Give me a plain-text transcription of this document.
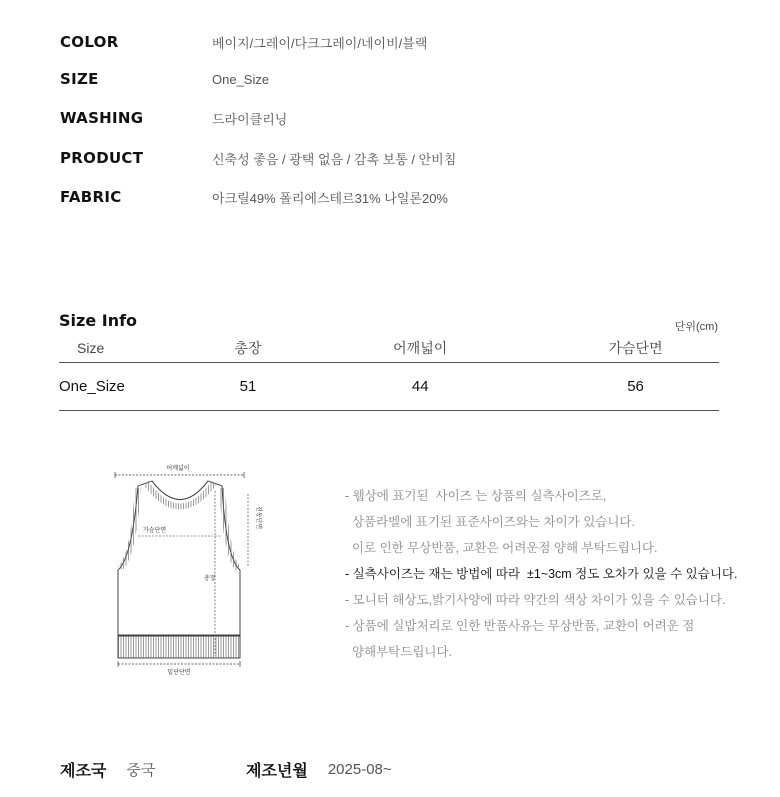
COLOR	베이지/그레이/다크그레이/네이비/블랙
SIZE	One_Size
WASHING	드라이클리닝
PRODUCT	신축성 좋음 / 광택 없음 / 감촉 보통 / 안비침
FABRIC	아크릴49% 폴리에스테르31% 나일론20%
Size Info	단위(cm)
Size	총장	어깨넓이	가슴단면
One_Size	51	44	56
어깨넓이
가슴단면
총장
진동단면
밑단단면
- 웹상에 표기된  사이즈 는 상품의 실측사이즈로,
상품라벨에 표기된 표준사이즈와는 차이가 있습니다.
이로 인한 무상반품, 교환은 어려운점 양해 부탁드립니다.
- 실측사이즈는 재는 방법에 따라  ±1~3cm 정도 오차가 있을 수 있습니다.
- 모니터 해상도,밝기사양에 따라 약간의 색상 차이가 있을 수 있습니다.
- 상품에 실밥처리로 인한 반품사유는 무상반품, 교환이 어려운 점
양해부탁드립니다.
제조국 중국	제조년월 2025-08~
